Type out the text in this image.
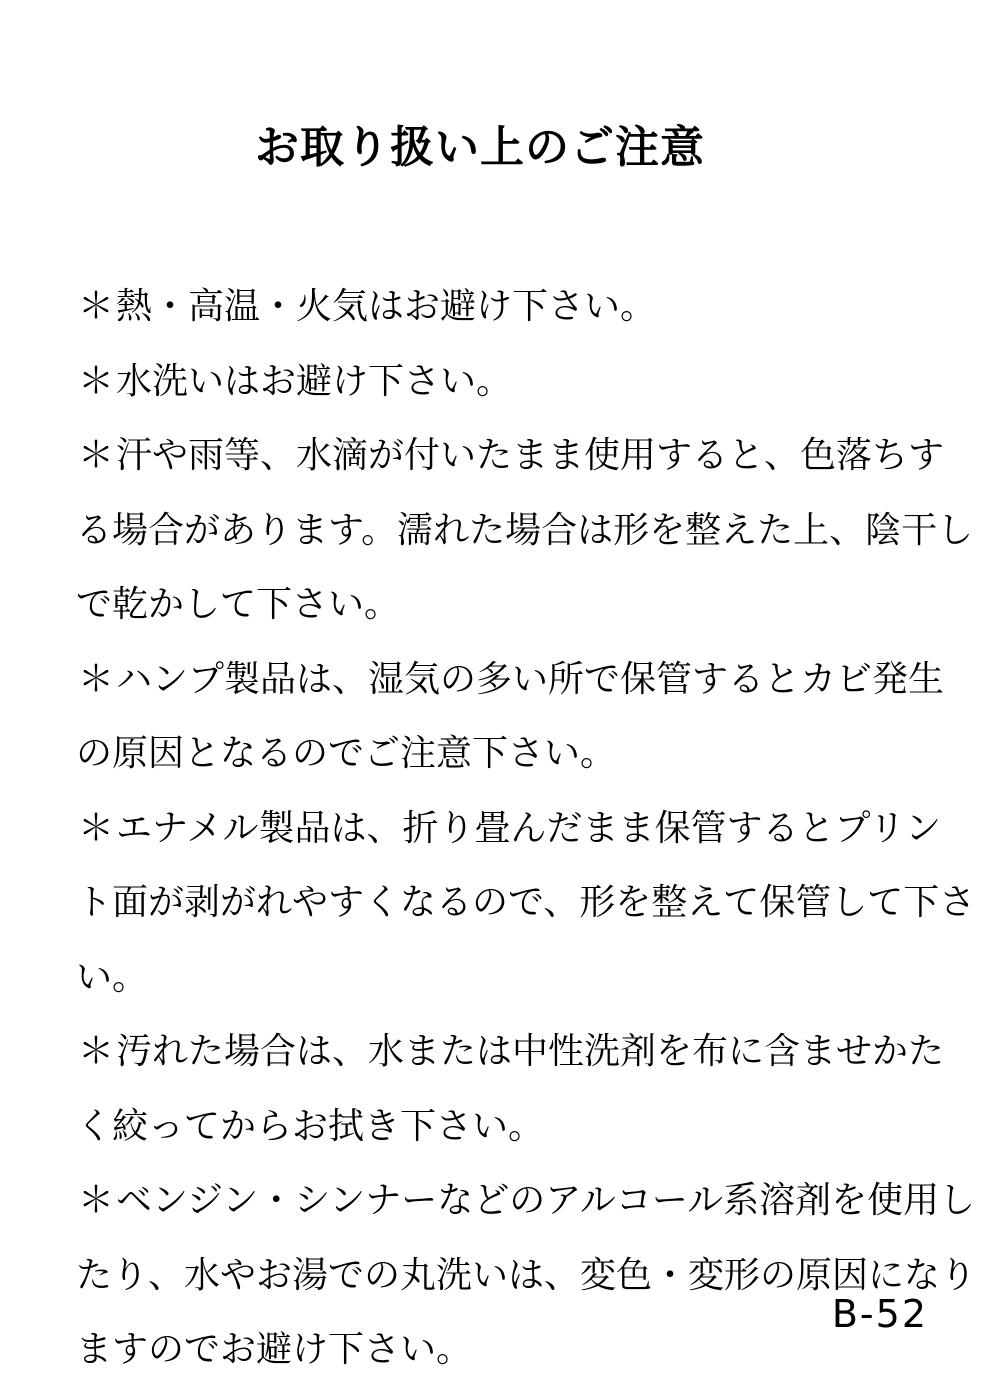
お取り扱い上のご注意
＊熱・高温・火気はお避け下さい。
＊水洗いはお避け下さい。
＊汗や雨等、水滴が付いたまま使用すると、色落ちする場合があります。濡れた場合は形を整えた上、陰干しで乾かして下さい。
＊ハンプ製品は、湿気の多い所で保管するとカビ発生の原因となるのでご注意下さい。
＊エナメル製品は、折り畳んだまま保管するとプリント面が剥がれやすくなるので、形を整えて保管して下さい。
＊汚れた場合は、水または中性洗剤を布に含ませかたく絞ってからお拭き下さい。
＊ベンジン・シンナーなどのアルコール系溶剤を使用したり、水やお湯での丸洗いは、変色・変形の原因になりますのでお避け下さい。
B-52
